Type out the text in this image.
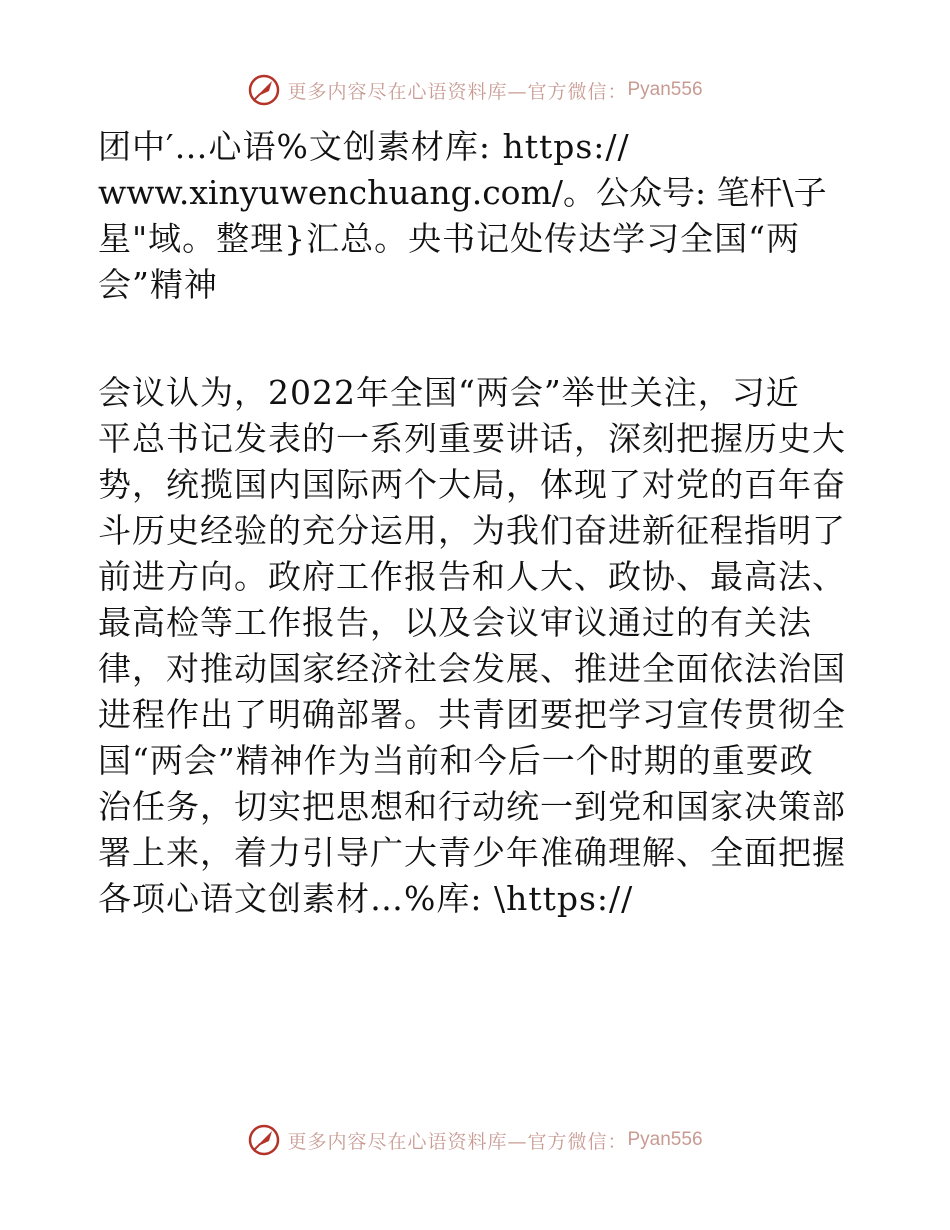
更多内容尽在心语资料库—官方微信： Pyan556
团中′…心语%文创素材库: https://
www.xinyuwenchuang.com/。公众号: 笔杆\子
星"域。整理}汇总。央书记处传达学习全国“两
会”精神
会议认为，2022年全国“两会”举世关注，习近
平总书记发表的一系列重要讲话，深刻把握历史大
势，统揽国内国际两个大局，体现了对党的百年奋
斗历史经验的充分运用，为我们奋进新征程指明了
前进方向。政府工作报告和人大、政协、最高法、
最高检等工作报告，以及会议审议通过的有关法
律，对推动国家经济社会发展、推进全面依法治国
进程作出了明确部署。共青团要把学习宣传贯彻全
国“两会”精神作为当前和今后一个时期的重要政
治任务，切实把思想和行动统一到党和国家决策部
署上来，着力引导广大青少年准确理解、全面把握
各项心语文创素材…%库: \https://
更多内容尽在心语资料库—官方微信： Pyan556
